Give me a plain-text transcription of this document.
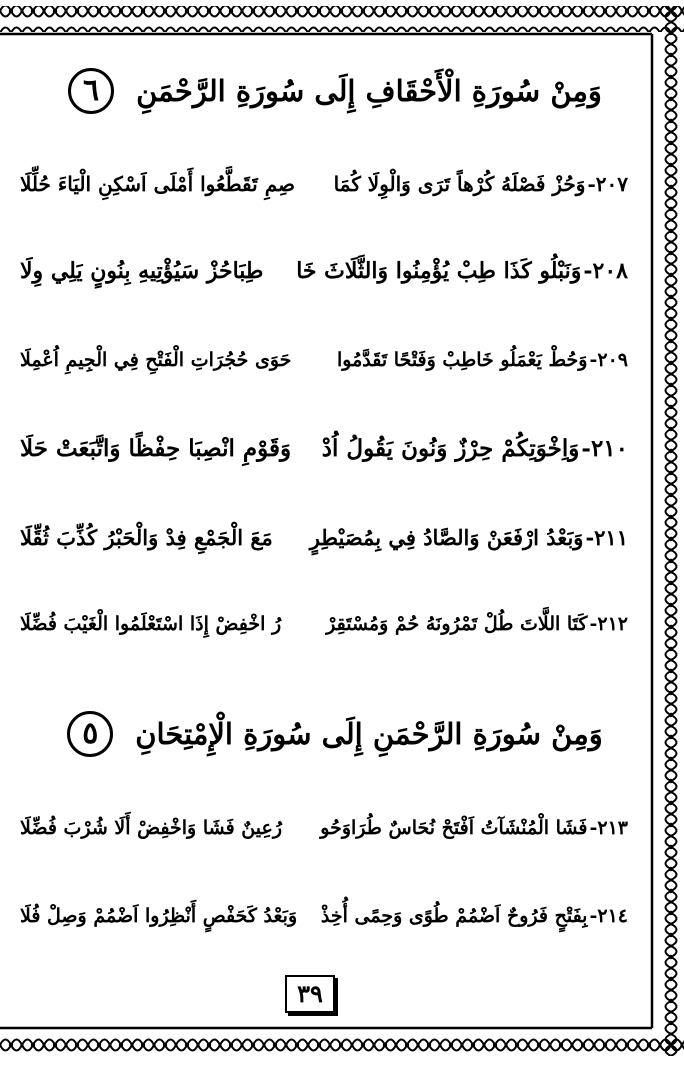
وَمِنْ سُورَةِ الْأَحْقَافِ إِلَى سُورَةِ الرَّحْمَنِ
٦
٢٠٧-
وَحُزْ فَصْلَهُ كُرْهاً تَرَى وَالْوِلَا كُمَا
صِمِ تَقَطَّعُوا أَمْلَى اَسْكِنِ الْيَاءَ حُلِّلَا
٢٠٨-
وَنَبْلُو كَذَا طِبْ يُؤْمِنُوا وَالثَّلَاثَ خَا
طِبَاحُزْ سَيُؤْتِيهِ بِنُونٍ يَلِي وِلَا
٢٠٩-
وَحُطْ يَعْمَلُو خَاطِبْ وَفَتْحًا تَقَدَّمُوا
حَوَى حُجُرَاتِ الْفَتْحِ فِي الْجِيمِ اُعْمِلَا
٢١٠-
وَاِخْوَتِكُمْ حِرْزٌ وَنُونَ يَقُولُ اُدْ
وَقَوْمِ انْصِبَا حِفْظًا وَاتَّبَعَتْ حَلَا
٢١١-
وَبَعْدُ ارْفَعَنْ وَالصَّادُ فِي بِمُصَيْطِرٍ
مَعَ الْجَمْعِ فِدْ وَالْحَبْرُ كُذِّبَ ثُقِّلَا
٢١٢-
كَتَا اللَّاتَ طُلْ تَمْرُونَهُ حُمْ وَمُسْتَقِرْ
رُ اخْفِضْ إِذَا اسْتَعْلَمُوا الْغَيْبَ فُضِّلَا
وَمِنْ سُورَةِ الرَّحْمَنِ إِلَى سُورَةِ الْإِمْتِحَانِ
٥
٢١٣-
فَشَا الْمُنْشَآتُ اَفْتَحْ نُحَاسٌ طُرَاوَحُو
رُعِينٌ فَشَا وَاخْفِضْ أَلَا شُرْبَ فُضِّلَا
٢١٤-
بِفَتْحٍ فَرُوحٌ اَضْمُمْ طُوًى وَحِمًى أُخِذْ
وَبَعْدُ كَحَفْصٍ أَنْظِرُوا اَضْمُمْ وَصِلْ فُلَا
٣٩
